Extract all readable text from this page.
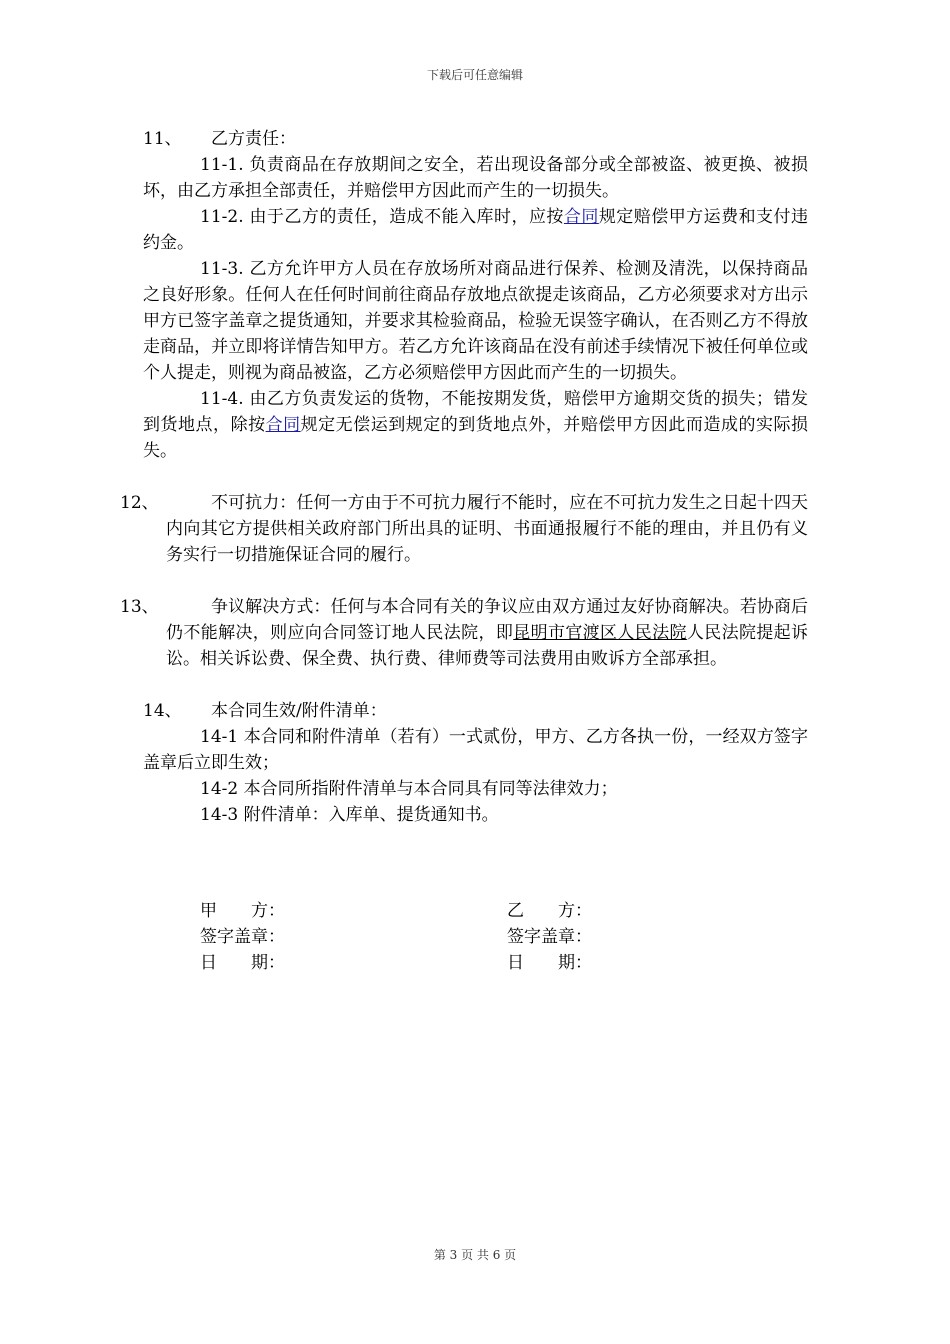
下载后可任意编辑

11、 乙方责任：

11-1. 负责商品在存放期间之安全，若出现设备部分或全部被盗、被更换、被损坏，由乙方承担全部责任，并赔偿甲方因此而产生的一切损失。

11-2. 由于乙方的责任，造成不能入库时，应按合同规定赔偿甲方运费和支付违约金。

11-3. 乙方允许甲方人员在存放场所对商品进行保养、检测及清洗，以保持商品之良好形象。任何人在任何时间前往商品存放地点欲提走该商品，乙方必须要求对方出示甲方已签字盖章之提货通知，并要求其检验商品，检验无误签字确认，在否则乙方不得放走商品，并立即将详情告知甲方。若乙方允许该商品在没有前述手续情况下被任何单位或个人提走，则视为商品被盗，乙方必须赔偿甲方因此而产生的一切损失。

11-4. 由乙方负责发运的货物，不能按期发货，赔偿甲方逾期交货的损失；错发到货地点，除按合同规定无偿运到规定的到货地点外，并赔偿甲方因此而造成的实际损失。

12、	不可抗力：任何一方由于不可抗力履行不能时，应在不可抗力发生之日起十四天内向其它方提供相关政府部门所出具的证明、书面通报履行不能的理由，并且仍有义务实行一切措施保证合同的履行。

13、	争议解决方式：任何与本合同有关的争议应由双方通过友好协商解决。若协商后仍不能解决，则应向合同签订地人民法院，即昆明市官渡区人民法院人民法院提起诉讼。相关诉讼费、保全费、执行费、律师费等司法费用由败诉方全部承担。

14、 本合同生效/附件清单：

14-1 本合同和附件清单（若有）一式贰份，甲方、乙方各执一份，一经双方签字盖章后立即生效；

14-2 本合同所指附件清单与本合同具有同等法律效力；

14-3 附件清单：入库单、提货通知书。

甲　　方：
签字盖章：
日　　期：
乙　　方：
签字盖章：
日　　期：
第 3 页 共 6 页
